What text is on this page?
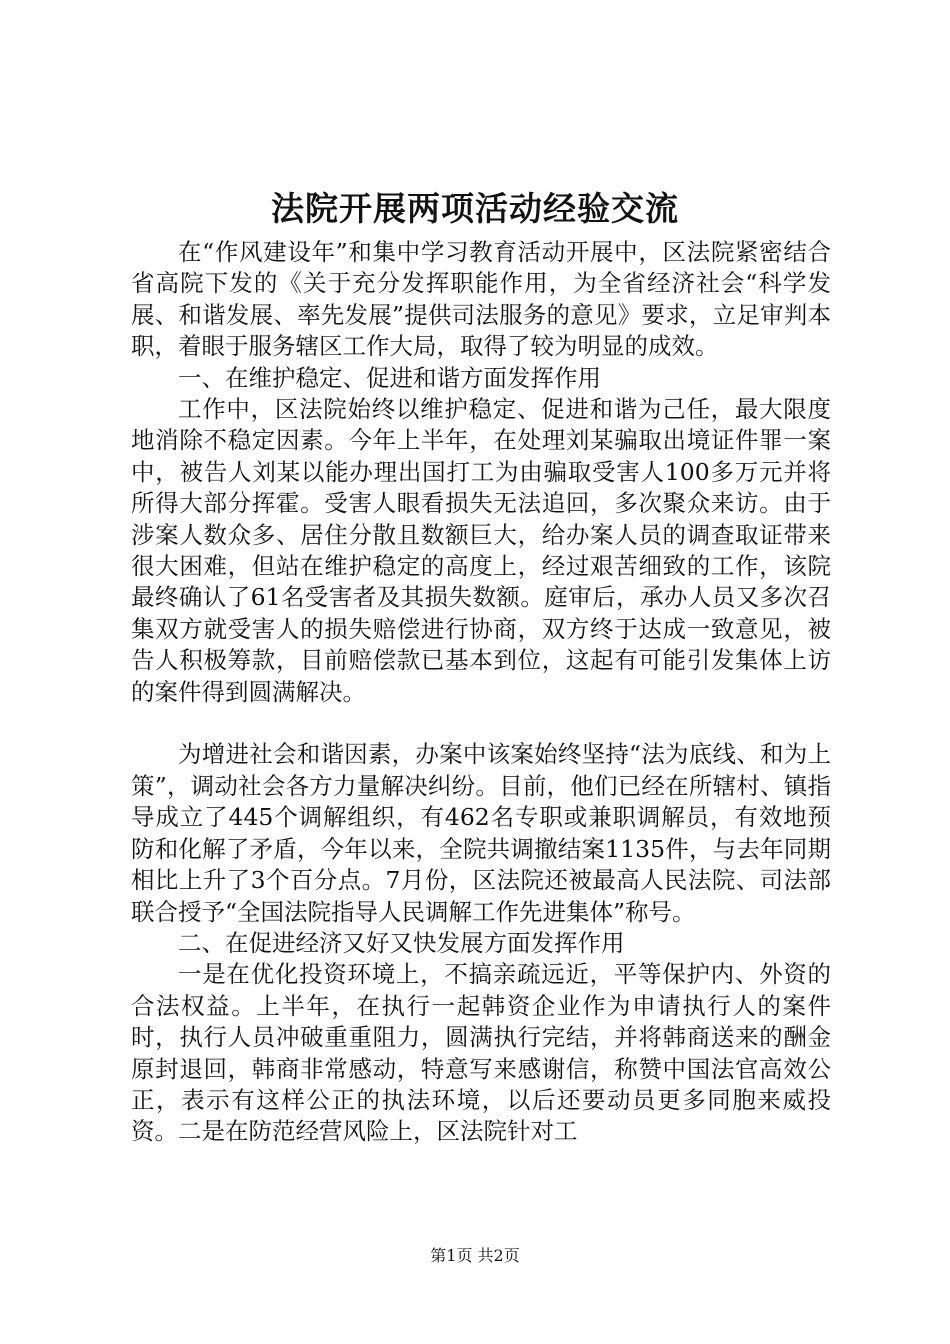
法院开展两项活动经验交流

在“作风建设年”和集中学习教育活动开展中，区法院紧密结合省高院下发的《关于充分发挥职能作用，为全省经济社会“科学发展、和谐发展、率先发展”提供司法服务的意见》要求，立足审判本职，着眼于服务辖区工作大局，取得了较为明显的成效。

一、在维护稳定、促进和谐方面发挥作用

工作中，区法院始终以维护稳定、促进和谐为己任，最大限度地消除不稳定因素。今年上半年，在处理刘某骗取出境证件罪一案中，被告人刘某以能办理出国打工为由骗取受害人100多万元并将所得大部分挥霍。受害人眼看损失无法追回，多次聚众来访。由于涉案人数众多、居住分散且数额巨大，给办案人员的调查取证带来很大困难，但站在维护稳定的高度上，经过艰苦细致的工作，该院最终确认了61名受害者及其损失数额。庭审后，承办人员又多次召集双方就受害人的损失赔偿进行协商，双方终于达成一致意见，被告人积极筹款，目前赔偿款已基本到位，这起有可能引发集体上访的案件得到圆满解决。

为增进社会和谐因素，办案中该案始终坚持“法为底线、和为上策”，调动社会各方力量解决纠纷。目前，他们已经在所辖村、镇指导成立了445个调解组织，有462名专职或兼职调解员，有效地预防和化解了矛盾，今年以来，全院共调撤结案1135件，与去年同期相比上升了3个百分点。7月份，区法院还被最高人民法院、司法部联合授予“全国法院指导人民调解工作先进集体”称号。

二、在促进经济又好又快发展方面发挥作用

一是在优化投资环境上，不搞亲疏远近，平等保护内、外资的合法权益。上半年，在执行一起韩资企业作为申请执行人的案件时，执行人员冲破重重阻力，圆满执行完结，并将韩商送来的酬金原封退回，韩商非常感动，特意写来感谢信，称赞中国法官高效公正，表示有这样公正的执法环境，以后还要动员更多同胞来威投资。二是在防范经营风险上，区法院针对工

第1页 共2页
